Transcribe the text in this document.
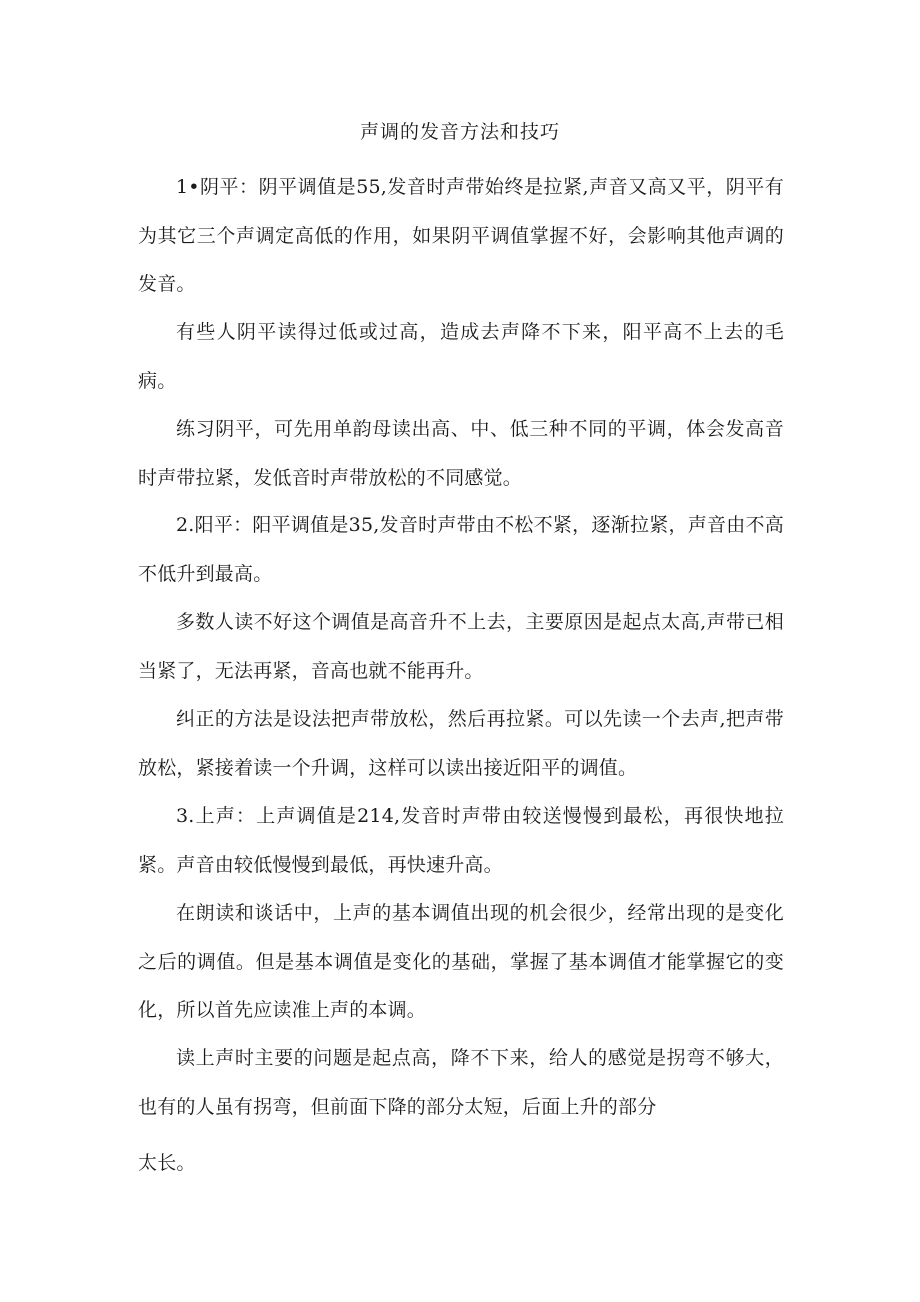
声调的发音方法和技巧

1•阴平：阴平调值是55,发音时声带始终是拉紧,声音又高又平，阴平有为其它三个声调定高低的作用，如果阴平调值掌握不好，会影响其他声调的发音。

有些人阴平读得过低或过高，造成去声降不下来，阳平高不上去的毛病。

练习阴平，可先用单韵母读出高、中、低三种不同的平调，体会发高音时声带拉紧，发低音时声带放松的不同感觉。

2.阳平：阳平调值是35,发音时声带由不松不紧，逐渐拉紧，声音由不高不低升到最高。

多数人读不好这个调值是高音升不上去，主要原因是起点太高,声带已相当紧了，无法再紧，音高也就不能再升。

纠正的方法是设法把声带放松，然后再拉紧。可以先读一个去声,把声带放松，紧接着读一个升调，这样可以读出接近阳平的调值。

3.上声：上声调值是214,发音时声带由较送慢慢到最松，再很快地拉紧。声音由较低慢慢到最低，再快速升高。

在朗读和谈话中，上声的基本调值出现的机会很少，经常出现的是变化之后的调值。但是基本调值是变化的基础，掌握了基本调值才能掌握它的变化，所以首先应读准上声的本调。

读上声时主要的问题是起点高，降不下来，给人的感觉是拐弯不够大，也有的人虽有拐弯，但前面下降的部分太短，后面上升的部分

太长。
